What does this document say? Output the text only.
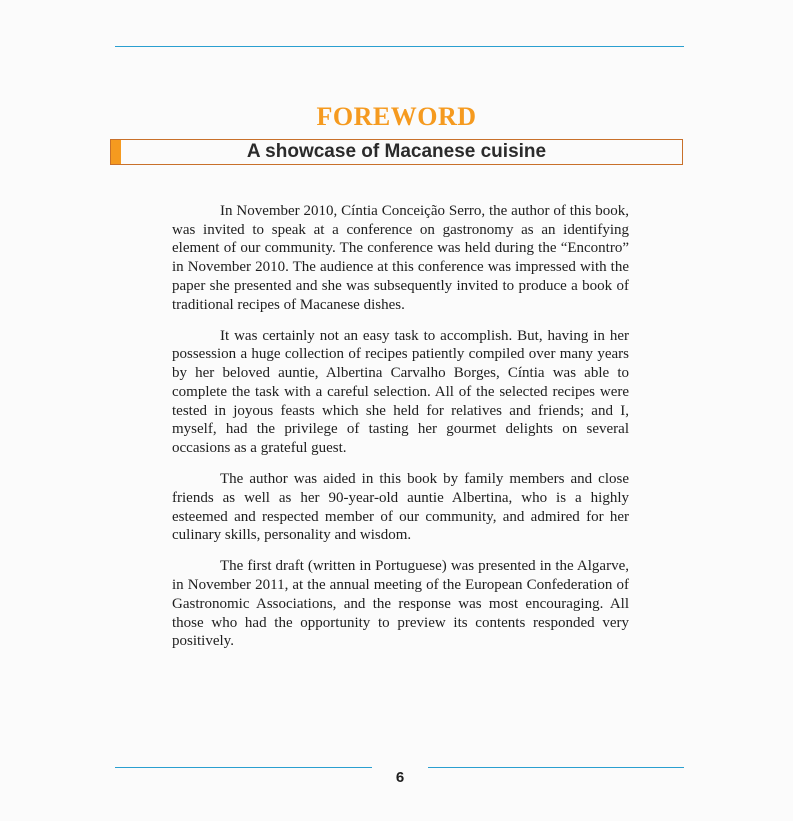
FOREWORD
A showcase of Macanese cuisine

In November 2010, Cíntia Conceição Serro, the author of this book, was invited to speak at a conference on gastronomy as an identifying element of our community. The conference was held during the “Encontro” in November 2010. The audience at this conference was impressed with the paper she presented and she was subsequently invited to produce a book of traditional recipes of Macanese dishes.

It was certainly not an easy task to accomplish. But, having in her possession a huge collection of recipes patiently compiled over many years by her beloved auntie, Albertina Carvalho Borges, Cíntia was able to complete the task with a careful selection. All of the selected recipes were tested in joyous feasts which she held for relatives and friends; and I, myself, had the privilege of tasting her gourmet delights on several occasions as a grateful guest.

The author was aided in this book by family members and close friends as well as her 90-year-old auntie Albertina, who is a highly esteemed and respected member of our community, and admired for her culinary skills, personality and wisdom.

The first draft (written in Portuguese) was presented in the Algarve, in November 2011, at the annual meeting of the European Confederation of Gastronomic Associations, and the response was most encouraging. All those who had the opportunity to preview its contents responded very positively.

6
